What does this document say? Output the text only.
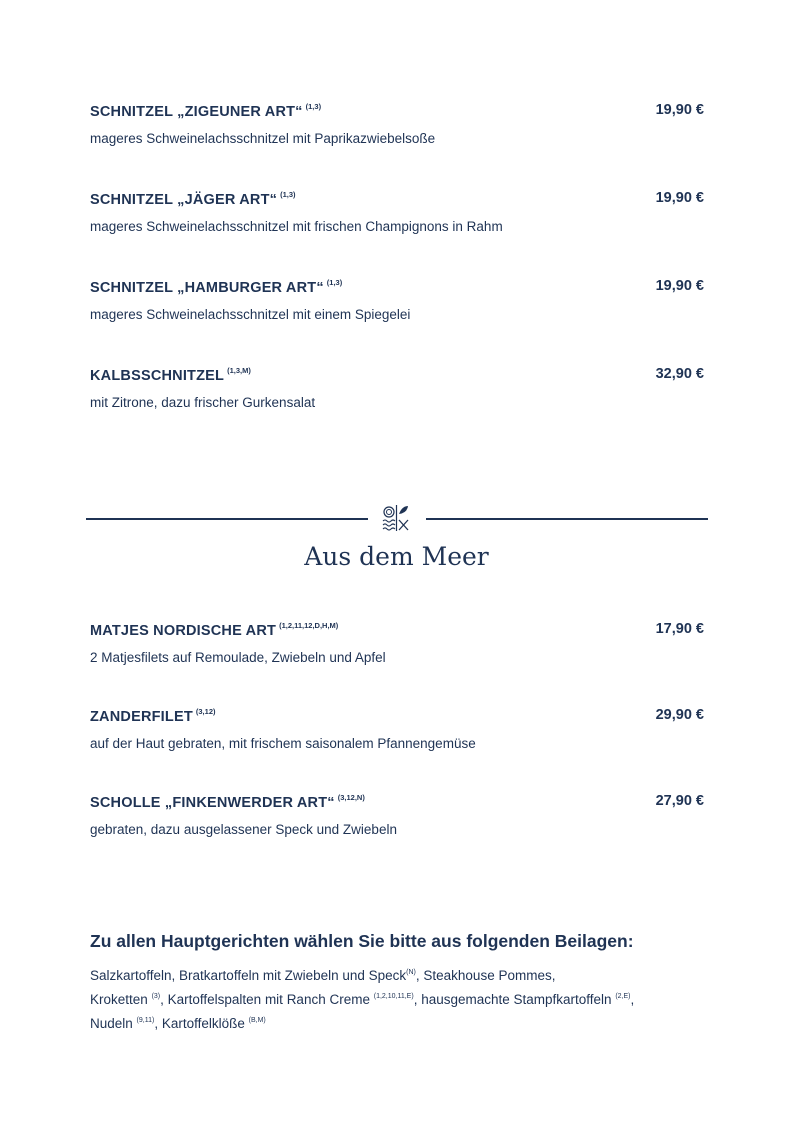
SCHNITZEL „ZIGEUNER ART“ $^{(1,3)}$	19,90 €
mageres Schweinelachsschnitzel mit Paprikazwiebelsoße
SCHNITZEL „JÄGER ART“ $^{(1,3)}$	19,90 €
mageres Schweinelachsschnitzel mit frischen Champignons in Rahm
SCHNITZEL „HAMBURGER ART“ $^{(1,3)}$	19,90 €
mageres Schweinelachsschnitzel mit einem Spiegelei
KALBSSCHNITZEL $^{(1,3,M)}$	32,90 €
mit Zitrone, dazu frischer Gurkensalat
Aus dem Meer
MATJES NORDISCHE ART $^{(1,2,11,12,D,H,M)}$	17,90 €
2 Matjesfilets auf Remoulade, Zwiebeln und Apfel
ZANDERFILET $^{(3,12)}$	29,90 €
auf der Haut gebraten, mit frischem saisonalem Pfannengemüse
SCHOLLE „FINKENWERDER ART“ $^{(3,12,N)}$	27,90 €
gebraten, dazu ausgelassener Speck und Zwiebeln
Zu allen Hauptgerichten wählen Sie bitte aus folgenden Beilagen:
Salzkartoffeln, Bratkartoffeln mit Zwiebeln und Speck$^{(N)}$, Steakhouse Pommes,
Kroketten $^{(3)}$, Kartoffelspalten mit Ranch Creme $^{(1,2,10,11,E)}$, hausgemachte Stampfkartoffeln $^{(2,E)}$,
Nudeln $^{(9,11)}$, Kartoffelklöße $^{(B,M)}$
